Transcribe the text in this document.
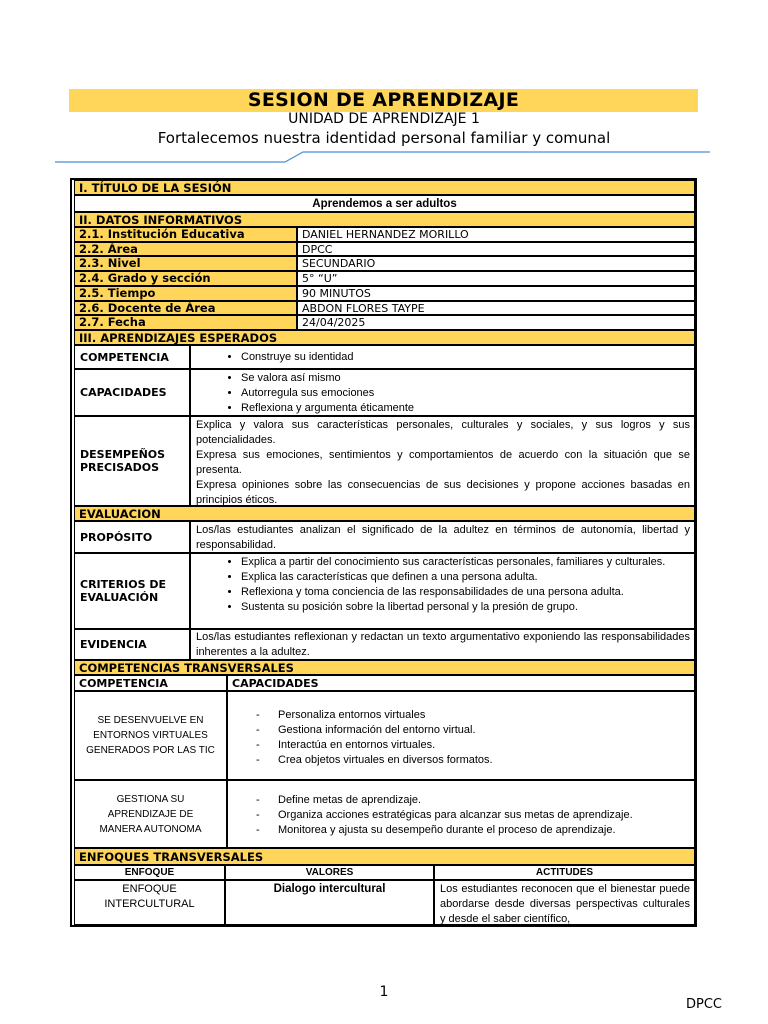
SESION DE APRENDIZAJE
UNIDAD DE APRENDIZAJE 1
Fortalecemos nuestra identidad personal familiar y comunal
I. TÍTULO DE LA SESIÓN
Aprendemos a ser adultos
II. DATOS INFORMATIVOS
2.1. Institución Educativa	DANIEL HERNANDEZ MORILLO
2.2. Área	DPCC
2.3. Nivel	SECUNDARIO
2.4. Grado y sección	5° “U”
2.5. Tiempo	90 MINUTOS
2.6. Docente de Área	ABDON FLORES TAYPE
2.7. Fecha	24/04/2025
III. APRENDIZAJES ESPERADOS
COMPETENCIA
•	Construye su identidad
CAPACIDADES
• Se valora así mismo
• Autorregula sus emociones
• Reflexiona y argumenta éticamente
DESEMPEÑOS PRECISADOS
Explica y valora sus características personales, culturales y sociales, y sus logros y sus potencialidades.
Expresa sus emociones, sentimientos y comportamientos de acuerdo con la situación que se presenta.
Expresa opiniones sobre las consecuencias de sus decisiones y propone acciones basadas en principios éticos.
EVALUACION
PROPÓSITO
Los/las estudiantes analizan el significado de la adultez en términos de autonomía, libertad y responsabilidad.
CRITERIOS DE EVALUACIÓN
• Explica a partir del conocimiento sus características personales, familiares y culturales.
• Explica las características que definen a una persona adulta.
• Reflexiona y toma conciencia de las responsabilidades de una persona adulta.
• Sustenta su posición sobre la libertad personal y la presión de grupo.
EVIDENCIA
Los/las estudiantes reflexionan y redactan un texto argumentativo exponiendo las responsabilidades inherentes a la adultez.
COMPETENCIAS TRANSVERSALES
COMPETENCIA	CAPACIDADES
SE DESENVUELVE EN ENTORNOS VIRTUALES GENERADOS POR LAS TIC
- Personaliza entornos virtuales
- Gestiona información del entorno virtual.
- Interactúa en entornos virtuales.
- Crea objetos virtuales en diversos formatos.
GESTIONA SU APRENDIZAJE DE MANERA AUTONOMA
- Define metas de aprendizaje.
- Organiza acciones estratégicas para alcanzar sus metas de aprendizaje.
- Monitorea y ajusta su desempeño durante el proceso de aprendizaje.
ENFOQUES TRANSVERSALES
ENFOQUE	VALORES	ACTITUDES
ENFOQUE INTERCULTURAL
Dialogo intercultural	Los estudiantes reconocen que el bienestar puede abordarse desde diversas perspectivas culturales y desde el saber científico,
1
DPCC
